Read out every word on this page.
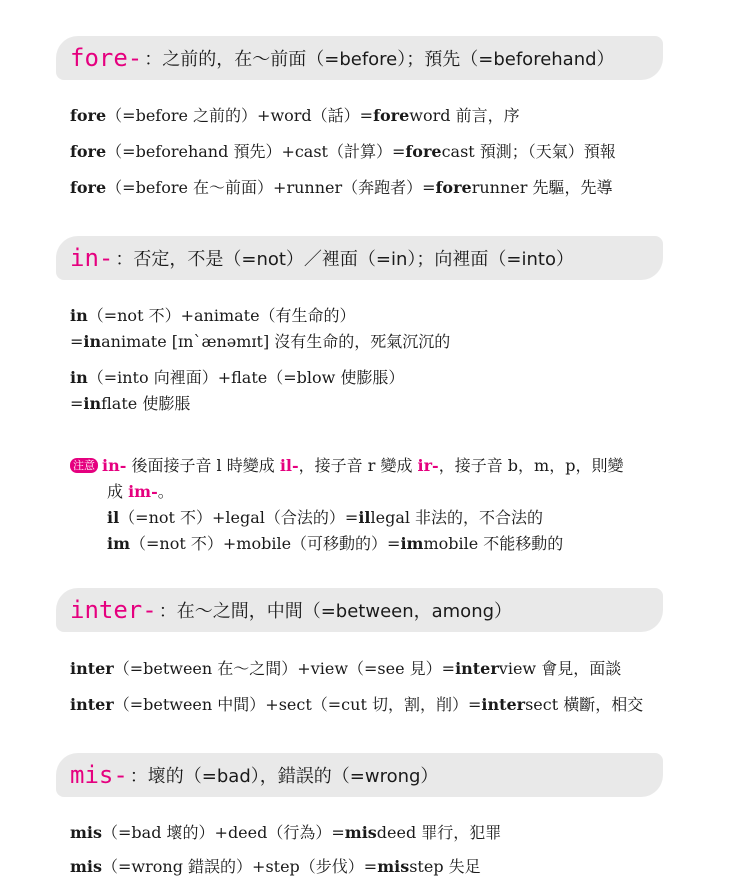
fore- ：之前的，在～前面（=before）；預先（=beforehand）
fore（=before 之前的）+word（話）=foreword 前言，序
fore（=beforehand 預先）+cast（計算）=forecast 預測；（天氣）預報
fore（=before 在～前面）+runner（奔跑者）=forerunner 先驅，先導
in- ：否定，不是（=not）／裡面（=in）；向裡面（=into）
in（=not 不）+animate（有生命的）
=inanimate [ɪnˋænəmɪt] 沒有生命的，死氣沉沉的
in（=into 向裡面）+flate（=blow 使膨脹）
=inflate 使膨脹
注意 in- 後面接子音 l 時變成 il-，接子音 r 變成 ir-，接子音 b，m，p，則變
成 im-。
il（=not 不）+legal（合法的）=illegal 非法的，不合法的
im（=not 不）+mobile（可移動的）=immobile 不能移動的
inter- ：在～之間，中間（=between，among）
inter（=between 在～之間）+view（=see 見）=interview 會見，面談
inter（=between 中間）+sect（=cut 切，割，削）=intersect 橫斷，相交
mis- ：壞的（=bad），錯誤的（=wrong）
mis（=bad 壞的）+deed（行為）=misdeed 罪行，犯罪
mis（=wrong 錯誤的）+step（步伐）=misstep 失足
